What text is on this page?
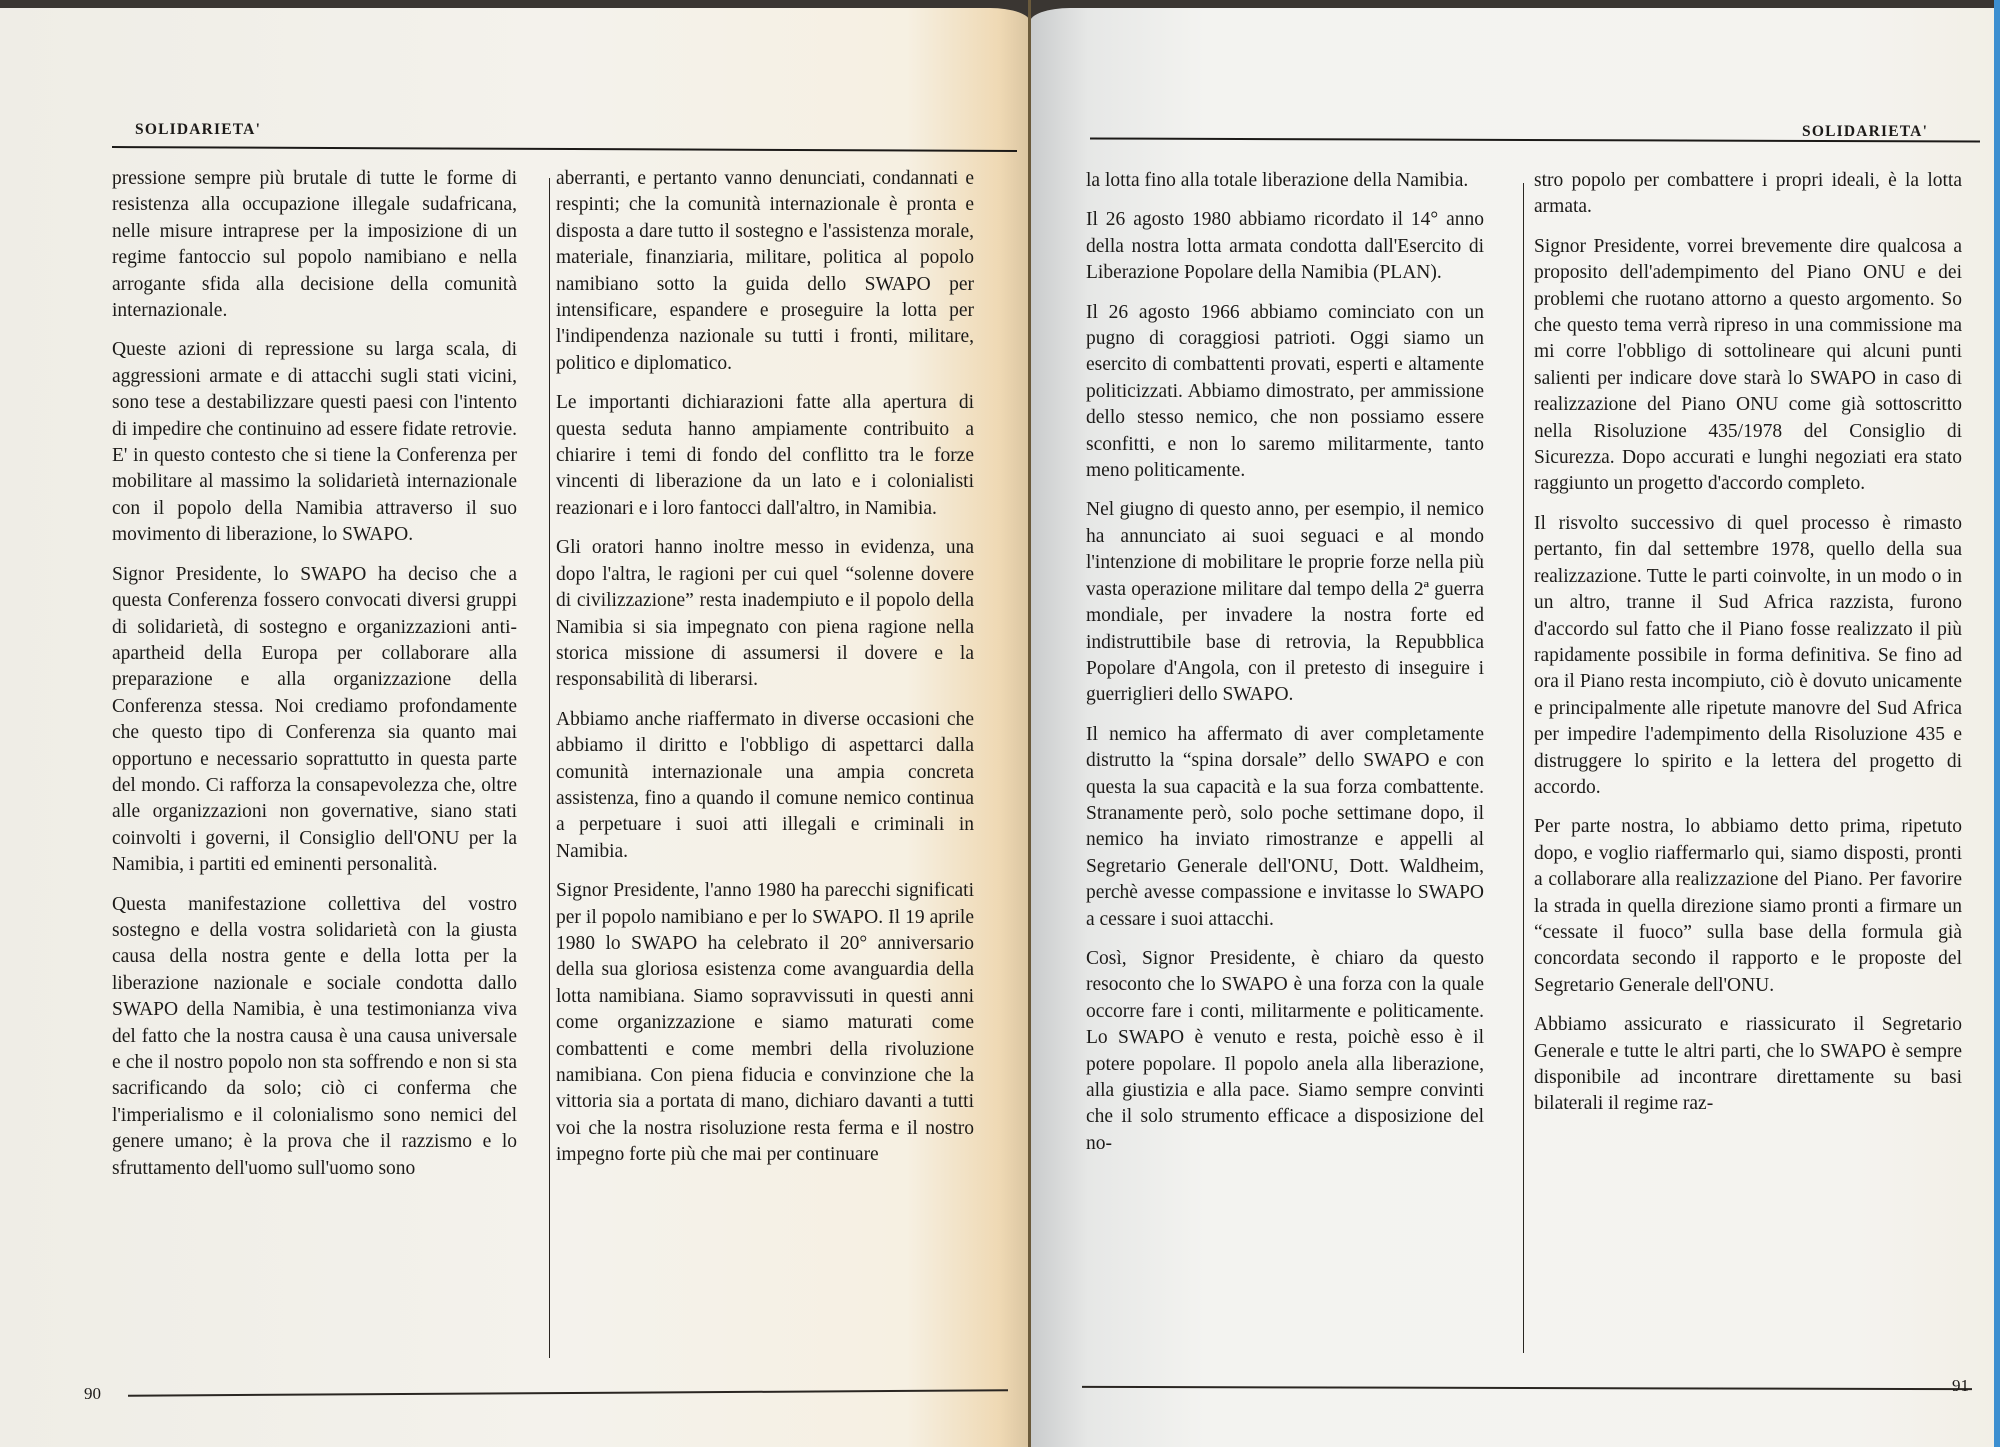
SOLIDARIETA'

pressione sempre più brutale di tutte le forme di resistenza alla occupazione illegale sudafricana, nelle misure intraprese per la imposizione di un regime fantoccio sul popolo namibiano e nella arrogante sfida alla decisione della comunità internazionale.

Queste azioni di repressione su larga scala, di aggressioni armate e di attacchi sugli stati vicini, sono tese a destabilizzare questi paesi con l'intento di impedire che continuino ad essere fidate retrovie. E' in questo contesto che si tiene la Conferenza per mobilitare al massimo la solidarietà internazionale con il popolo della Namibia attraverso il suo movimento di liberazione, lo SWAPO.

Signor Presidente, lo SWAPO ha deciso che a questa Conferenza fossero convocati diversi gruppi di solidarietà, di sostegno e organizzazioni anti-apartheid della Europa per collaborare alla preparazione e alla organizzazione della Conferenza stessa. Noi crediamo profondamente che questo tipo di Conferenza sia quanto mai opportuno e necessario soprattutto in questa parte del mondo. Ci rafforza la consapevolezza che, oltre alle organizzazioni non governative, siano stati coinvolti i governi, il Consiglio dell'ONU per la Namibia, i partiti ed eminenti personalità.

Questa manifestazione collettiva del vostro sostegno e della vostra solidarietà con la giusta causa della nostra gente e della lotta per la liberazione nazionale e sociale condotta dallo SWAPO della Namibia, è una testimonianza viva del fatto che la nostra causa è una causa universale e che il nostro popolo non sta soffrendo e non si sta sacrificando da solo; ciò ci conferma che l'imperialismo e il colonialismo sono nemici del genere umano; è la prova che il razzismo e lo sfruttamento dell'uomo sull'uomo sono

aberranti, e pertanto vanno denunciati, condannati e respinti; che la comunità internazionale è pronta e disposta a dare tutto il sostegno e l'assistenza morale, materiale, finanziaria, militare, politica al popolo namibiano sotto la guida dello SWAPO per intensificare, espandere e proseguire la lotta per l'indipendenza nazionale su tutti i fronti, militare, politico e diplomatico.

Le importanti dichiarazioni fatte alla apertura di questa seduta hanno ampiamente contribuito a chiarire i temi di fondo del conflitto tra le forze vincenti di liberazione da un lato e i colonialisti reazionari e i loro fantocci dall'altro, in Namibia.

Gli oratori hanno inoltre messo in evidenza, una dopo l'altra, le ragioni per cui quel “solenne dovere di civilizzazione” resta inadempiuto e il popolo della Namibia si sia impegnato con piena ragione nella storica missione di assumersi il dovere e la responsabilità di liberarsi.

Abbiamo anche riaffermato in diverse occasioni che abbiamo il diritto e l'obbligo di aspettarci dalla comunità internazionale una ampia concreta assistenza, fino a quando il comune nemico continua a perpetuare i suoi atti illegali e criminali in Namibia.

Signor Presidente, l'anno 1980 ha parecchi significati per il popolo namibiano e per lo SWAPO. Il 19 aprile 1980 lo SWAPO ha celebrato il 20° anniversario della sua gloriosa esistenza come avanguardia della lotta namibiana. Siamo sopravvissuti in questi anni come organizzazione e siamo maturati come combattenti e come membri della rivoluzione namibiana. Con piena fiducia e convinzione che la vittoria sia a portata di mano, dichiaro davanti a tutti voi che la nostra risoluzione resta ferma e il nostro impegno forte più che mai per continuare

90
SOLIDARIETA'

la lotta fino alla totale liberazione della Namibia.

Il 26 agosto 1980 abbiamo ricordato il 14° anno della nostra lotta armata condotta dall'Esercito di Liberazione Popolare della Namibia (PLAN).

Il 26 agosto 1966 abbiamo cominciato con un pugno di coraggiosi patrioti. Oggi siamo un esercito di combattenti provati, esperti e altamente politicizzati. Abbiamo dimostrato, per ammissione dello stesso nemico, che non possiamo essere sconfitti, e non lo saremo militarmente, tanto meno politicamente.

Nel giugno di questo anno, per esempio, il nemico ha annunciato ai suoi seguaci e al mondo l'intenzione di mobilitare le proprie forze nella più vasta operazione militare dal tempo della 2ª guerra mondiale, per invadere la nostra forte ed indistruttibile base di retrovia, la Repubblica Popolare d'Angola, con il pretesto di inseguire i guerriglieri dello SWAPO.

Il nemico ha affermato di aver completamente distrutto la “spina dorsale” dello SWAPO e con questa la sua capacità e la sua forza combattente. Stranamente però, solo poche settimane dopo, il nemico ha inviato rimostranze e appelli al Segretario Generale dell'ONU, Dott. Waldheim, perchè avesse compassione e invitasse lo SWAPO a cessare i suoi attacchi.

Così, Signor Presidente, è chiaro da questo resoconto che lo SWAPO è una forza con la quale occorre fare i conti, militarmente e politicamente. Lo SWAPO è venuto e resta, poichè esso è il potere popolare. Il popolo anela alla liberazione, alla giustizia e alla pace. Siamo sempre convinti che il solo strumento efficace a disposizione del no-

stro popolo per combattere i propri ideali, è la lotta armata.

Signor Presidente, vorrei brevemente dire qualcosa a proposito dell'adempimento del Piano ONU e dei problemi che ruotano attorno a questo argomento. So che questo tema verrà ripreso in una commissione ma mi corre l'obbligo di sottolineare qui alcuni punti salienti per indicare dove starà lo SWAPO in caso di realizzazione del Piano ONU come già sottoscritto nella Risoluzione 435/1978 del Consiglio di Sicurezza. Dopo accurati e lunghi negoziati era stato raggiunto un progetto d'accordo completo.

Il risvolto successivo di quel processo è rimasto pertanto, fin dal settembre 1978, quello della sua realizzazione. Tutte le parti coinvolte, in un modo o in un altro, tranne il Sud Africa razzista, furono d'accordo sul fatto che il Piano fosse realizzato il più rapidamente possibile in forma definitiva. Se fino ad ora il Piano resta incompiuto, ciò è dovuto unicamente e principalmente alle ripetute manovre del Sud Africa per impedire l'adempimento della Risoluzione 435 e distruggere lo spirito e la lettera del progetto di accordo.

Per parte nostra, lo abbiamo detto prima, ripetuto dopo, e voglio riaffermarlo qui, siamo disposti, pronti a collaborare alla realizzazione del Piano. Per favorire la strada in quella direzione siamo pronti a firmare un “cessate il fuoco” sulla base della formula già concordata secondo il rapporto e le proposte del Segretario Generale dell'ONU.

Abbiamo assicurato e riassicurato il Segretario Generale e tutte le altri parti, che lo SWAPO è sempre disponibile ad incontrare direttamente su basi bilaterali il regime raz-

91
